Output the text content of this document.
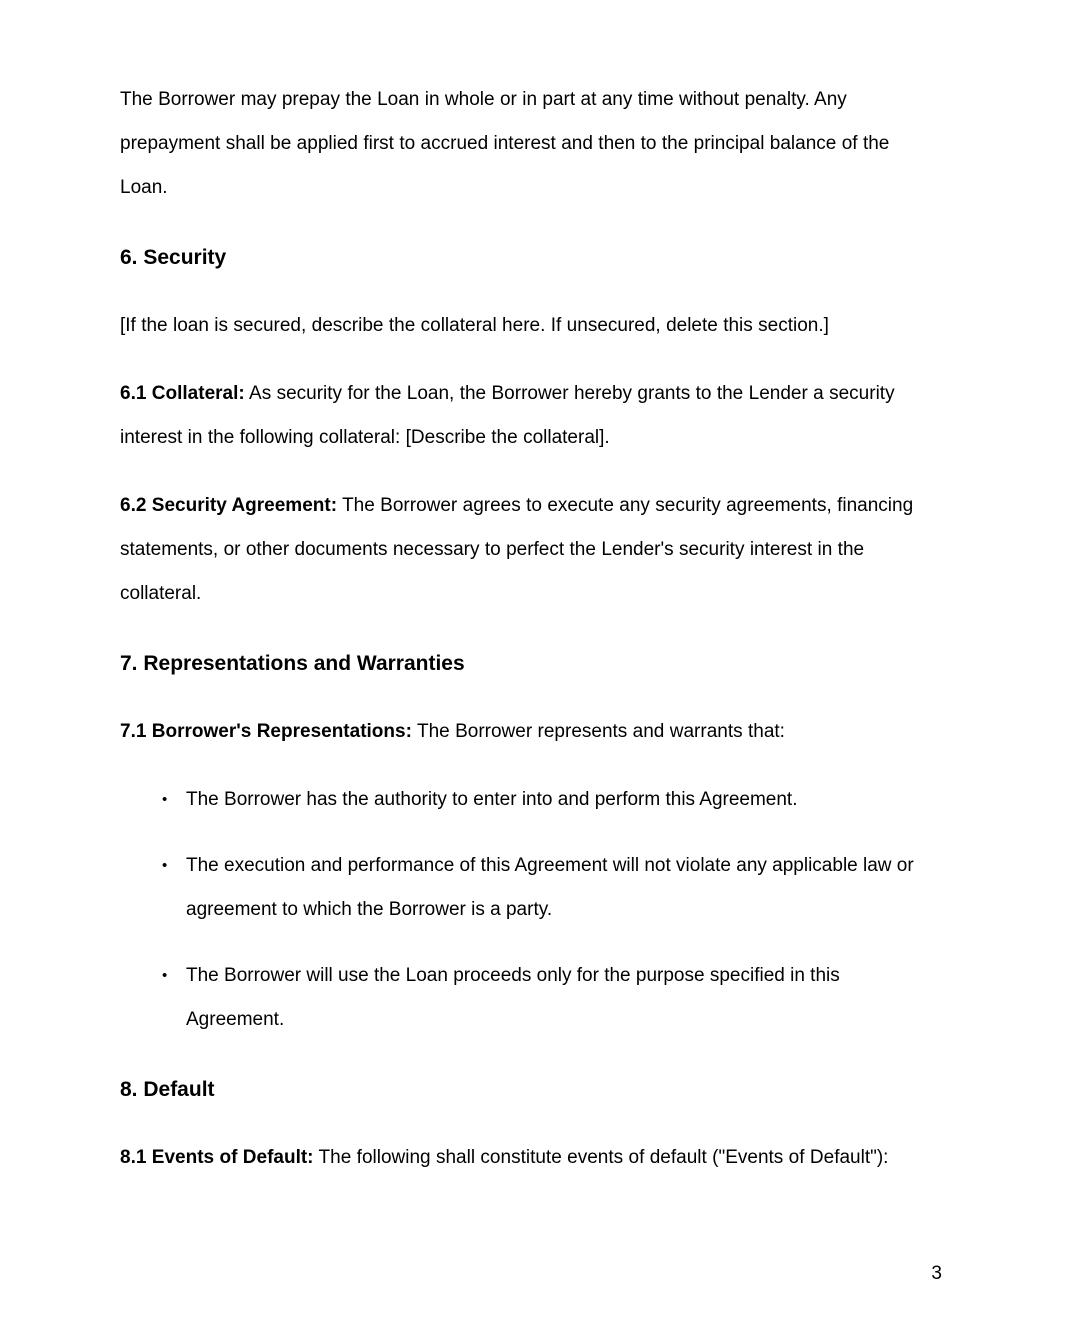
The Borrower may prepay the Loan in whole or in part at any time without penalty. Any prepayment shall be applied first to accrued interest and then to the principal balance of the Loan.

6. Security

[If the loan is secured, describe the collateral here. If unsecured, delete this section.]

6.1 Collateral: As security for the Loan, the Borrower hereby grants to the Lender a security interest in the following collateral: [Describe the collateral].

6.2 Security Agreement: The Borrower agrees to execute any security agreements, financing statements, or other documents necessary to perfect the Lender's security interest in the collateral.

7. Representations and Warranties

7.1 Borrower's Representations: The Borrower represents and warrants that:

• The Borrower has the authority to enter into and perform this Agreement.
• The execution and performance of this Agreement will not violate any applicable law or agreement to which the Borrower is a party.
• The Borrower will use the Loan proceeds only for the purpose specified in this Agreement.
8. Default

8.1 Events of Default: The following shall constitute events of default ("Events of Default"):

3
